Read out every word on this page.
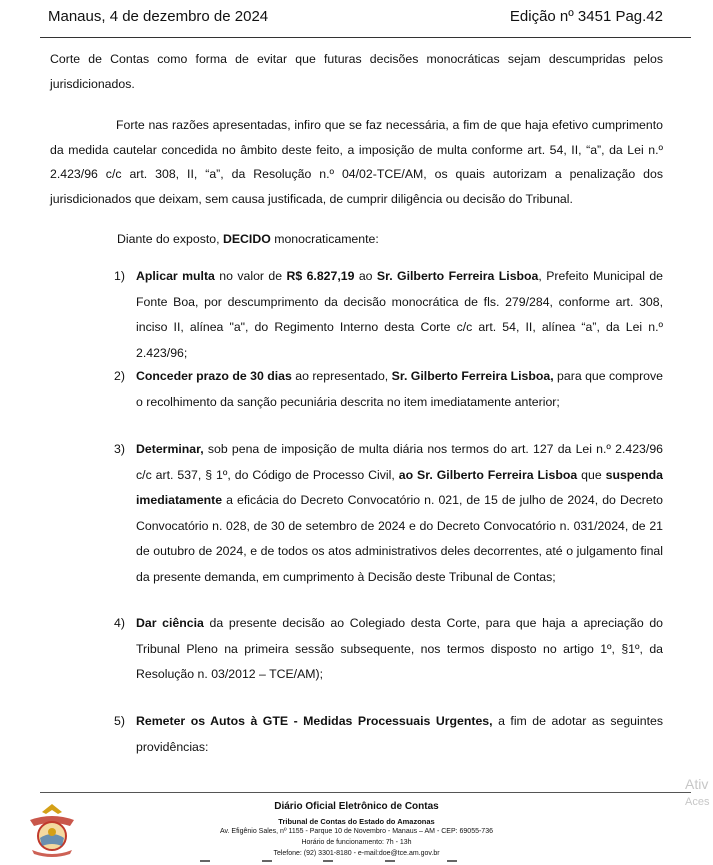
Manaus, 4 de dezembro de 2024	Edição nº 3451 Pag.42
Corte de Contas como forma de evitar que futuras decisões monocráticas sejam descumpridas pelos jurisdicionados.
Forte nas razões apresentadas, infiro que se faz necessária, a fim de que haja efetivo cumprimento da medida cautelar concedida no âmbito deste feito, a imposição de multa conforme art. 54, II, “a”, da Lei n.º 2.423/96 c/c art. 308, II, “a”, da Resolução n.º 04/02-TCE/AM, os quais autorizam a penalização dos jurisdicionados que deixam, sem causa justificada, de cumprir diligência ou decisão do Tribunal.
Diante do exposto, DECIDO monocraticamente:
1) Aplicar multa no valor de R$ 6.827,19 ao Sr. Gilberto Ferreira Lisboa, Prefeito Municipal de Fonte Boa, por descumprimento da decisão monocrática de fls. 279/284, conforme art. 308, inciso II, alínea "a", do Regimento Interno desta Corte c/c art. 54, II, alínea “a”, da Lei n.º 2.423/96;
2) Conceder prazo de 30 dias ao representado, Sr. Gilberto Ferreira Lisboa, para que comprove o recolhimento da sanção pecuniária descrita no item imediatamente anterior;
3) Determinar, sob pena de imposição de multa diária nos termos do art. 127 da Lei n.º 2.423/96 c/c art. 537, § 1º, do Código de Processo Civil, ao Sr. Gilberto Ferreira Lisboa que suspenda imediatamente a eficácia do Decreto Convocatório n. 021, de 15 de julho de 2024, do Decreto Convocatório n. 028, de 30 de setembro de 2024 e do Decreto Convocatório n. 031/2024, de 21 de outubro de 2024, e de todos os atos administrativos deles decorrentes, até o julgamento final da presente demanda, em cumprimento à Decisão deste Tribunal de Contas;
4) Dar ciência da presente decisão ao Colegiado desta Corte, para que haja a apreciação do Tribunal Pleno na primeira sessão subsequente, nos termos disposto no artigo 1º, §1º, da Resolução n. 03/2012 – TCE/AM);
5) Remeter os Autos à GTE - Medidas Processuais Urgentes, a fim de adotar as seguintes providências:
Diário Oficial Eletrônico de Contas
Tribunal de Contas do Estado do Amazonas
Av. Efigênio Sales, nº 1155 - Parque 10 de Novembro - Manaus – AM - CEP: 69055-736
Horário de funcionamento: 7h - 13h
Telefone: (92) 3301-8180 - e-mail:doe@tce.am.gov.br
Ativ
Aces
